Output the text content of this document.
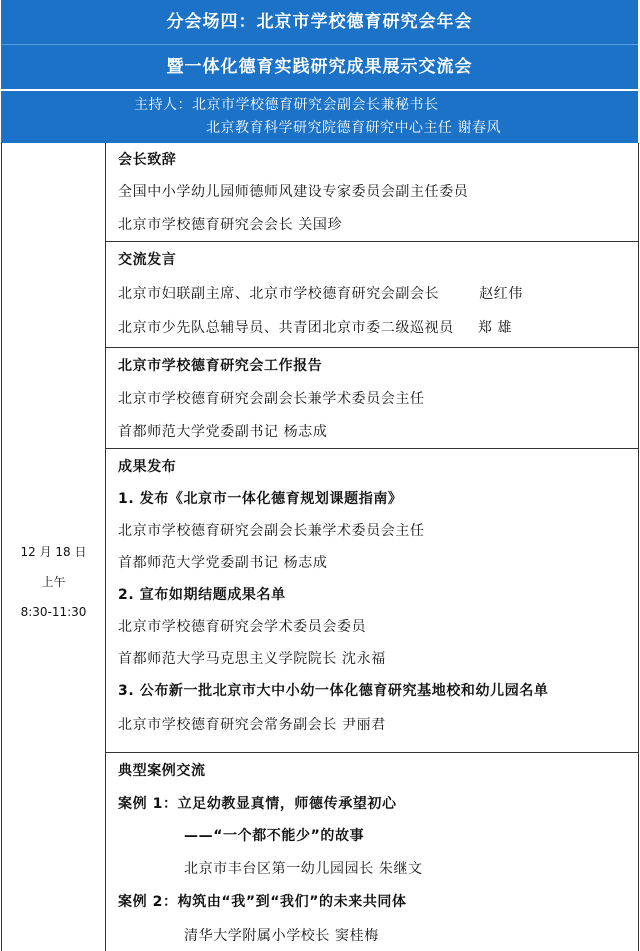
分会场四：北京市学校德育研究会年会
暨一体化德育实践研究成果展示交流会
主持人：北京市学校德育研究会副会长兼秘书长
北京教育科学研究院德育研究中心主任 谢春风
12 月 18 日
上午
8:30-11:30
会长致辞
全国中小学幼儿园师德师风建设专家委员会副主任委员
北京市学校德育研究会会长 关国珍
交流发言
北京市妇联副主席、北京市学校德育研究会副会长	赵红伟
北京市少先队总辅导员、共青团北京市委二级巡视员 郑 雄
北京市学校德育研究会工作报告
北京市学校德育研究会副会长兼学术委员会主任
首都师范大学党委副书记 杨志成
成果发布
1. 发布《北京市一体化德育规划课题指南》
北京市学校德育研究会副会长兼学术委员会主任
首都师范大学党委副书记 杨志成
2. 宣布如期结题成果名单
北京市学校德育研究会学术委员会委员
首都师范大学马克思主义学院院长 沈永福
3. 公布新一批北京市大中小幼一体化德育研究基地校和幼儿园名单
北京市学校德育研究会常务副会长 尹丽君
典型案例交流
案例 1：立足幼教显真情，师德传承望初心
——“一个都不能少”的故事
北京市丰台区第一幼儿园园长 朱继文
案例 2：构筑由“我”到“我们”的未来共同体
清华大学附属小学校长 窦桂梅
